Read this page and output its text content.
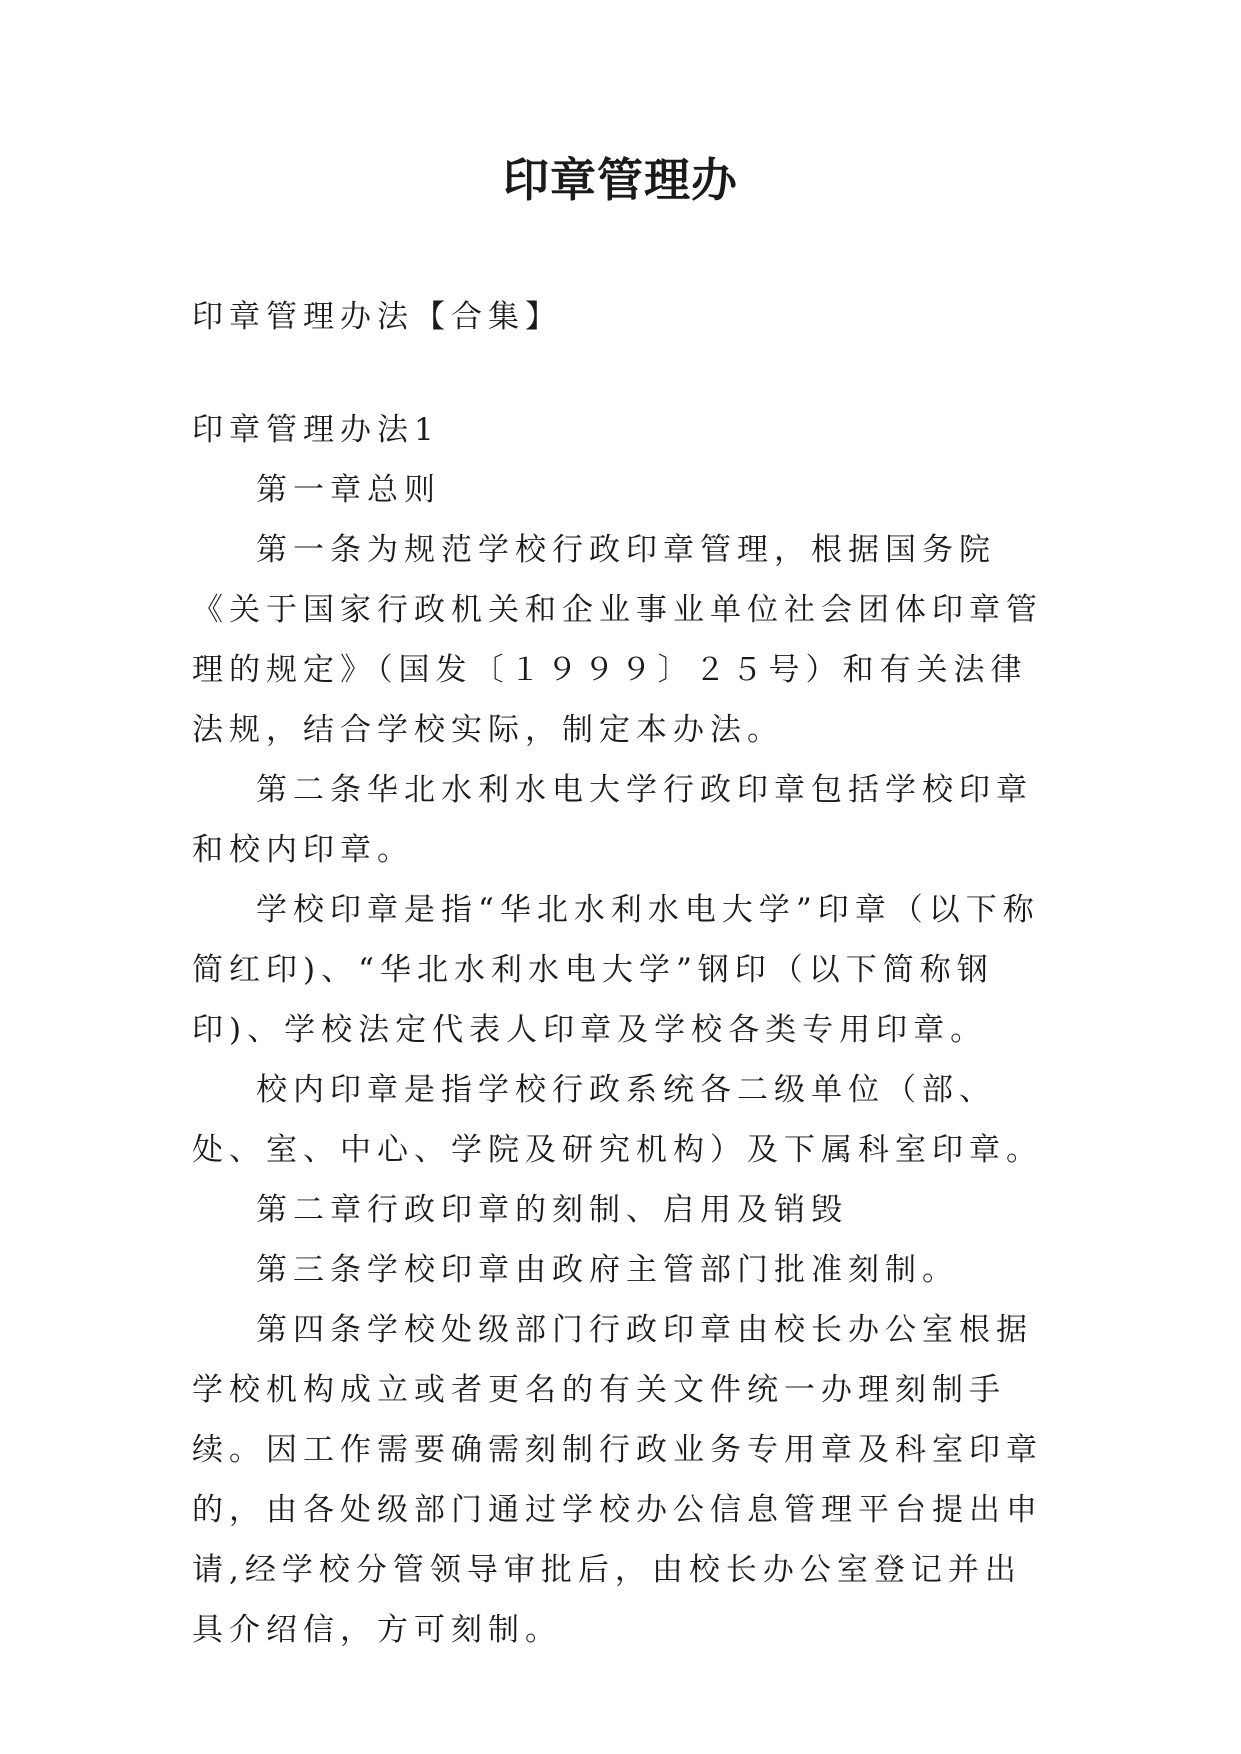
印章管理办
印章管理办法【合集】

印章管理办法1

第一章总则

第一条为规范学校行政印章管理，根据国务院《关于国家行政机关和企业事业单位社会团体印章管理的规定》（国发〔１９９９〕２５号）和有关法律法规，结合学校实际，制定本办法。

第二条华北水利水电大学行政印章包括学校印章和校内印章。

学校印章是指“华北水利水电大学”印章（以下称简红印)、“华北水利水电大学”钢印（以下简称钢印)、学校法定代表人印章及学校各类专用印章。

校内印章是指学校行政系统各二级单位（部、处、室、中心、学院及研究机构）及下属科室印章。

第二章行政印章的刻制、启用及销毁

第三条学校印章由政府主管部门批准刻制。

第四条学校处级部门行政印章由校长办公室根据学校机构成立或者更名的有关文件统一办理刻制手续。因工作需要确需刻制行政业务专用章及科室印章的，由各处级部门通过学校办公信息管理平台提出申请,经学校分管领导审批后，由校长办公室登记并出具介绍信，方可刻制。
